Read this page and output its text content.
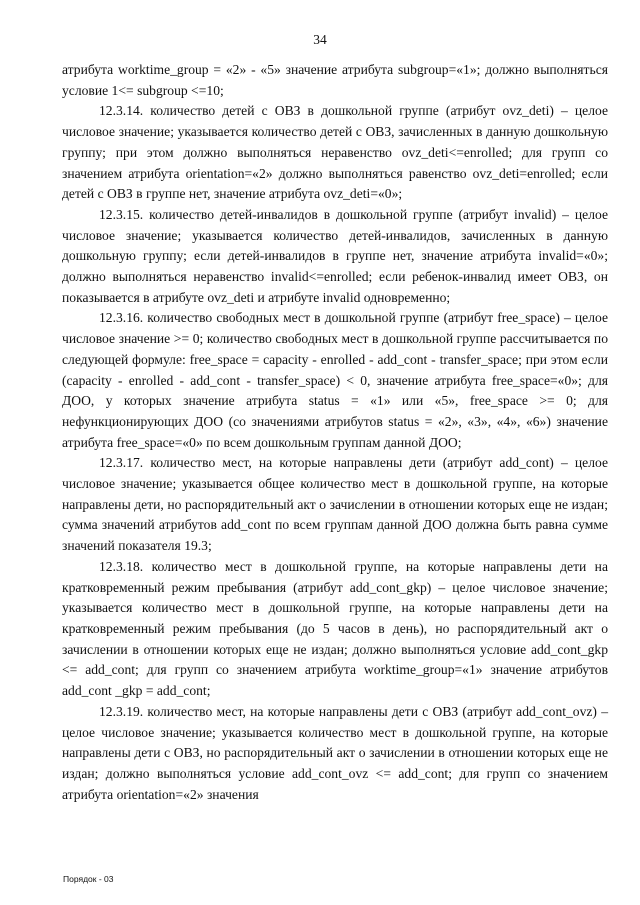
34

атрибута worktime_group = «2» - «5» значение атрибута subgroup=«1»; должно выполняться условие 1<= subgroup <=10;

12.3.14. количество детей с ОВЗ в дошкольной группе (атрибут ovz_deti) – целое числовое значение; указывается количество детей с ОВЗ, зачисленных в данную дошкольную группу; при этом должно выполняться неравенство ovz_deti<=enrolled; для групп со значением атрибута orientation=«2» должно выполняться равенство ovz_deti=enrolled; если детей с ОВЗ в группе нет, значение атрибута ovz_deti=«0»;

12.3.15. количество детей-инвалидов в дошкольной группе (атрибут invalid) – целое числовое значение; указывается количество детей-инвалидов, зачисленных в данную дошкольную группу; если детей-инвалидов в группе нет, значение атрибута invalid=«0»; должно выполняться неравенство invalid<=enrolled; если ребенок-инвалид имеет ОВЗ, он показывается в атрибуте ovz_deti и атрибуте invalid одновременно;

12.3.16. количество свободных мест в дошкольной группе (атрибут free_space) – целое числовое значение >= 0; количество свободных мест в дошкольной группе рассчитывается по следующей формуле: free_space = capacity - enrolled - add_cont - transfer_space; при этом если (capacity - enrolled - add_cont - transfer_space) < 0, значение атрибута free_space=«0»; для ДОО, у которых значение атрибута status = «1» или «5», free_space >= 0; для нефункционирующих ДОО (со значениями атрибутов status = «2», «3», «4», «6») значение атрибута free_space=«0» по всем дошкольным группам данной ДОО;

12.3.17. количество мест, на которые направлены дети (атрибут add_cont) – целое числовое значение; указывается общее количество мест в дошкольной группе, на которые направлены дети, но распорядительный акт о зачислении в отношении которых еще не издан; сумма значений атрибутов add_cont по всем группам данной ДОО должна быть равна сумме значений показателя 19.3;

12.3.18. количество мест в дошкольной группе, на которые направлены дети на кратковременный режим пребывания (атрибут add_cont_gkp) – целое числовое значение; указывается количество мест в дошкольной группе, на которые направлены дети на кратковременный режим пребывания (до 5 часов в день), но распорядительный акт о зачислении в отношении которых еще не издан; должно выполняться условие add_cont_gkp <= add_cont; для групп со значением атрибута worktime_group=«1» значение атрибутов add_cont _gkp = add_cont;

12.3.19. количество мест, на которые направлены дети с ОВЗ (атрибут add_cont_ovz) – целое числовое значение; указывается количество мест в дошкольной группе, на которые направлены дети с ОВЗ, но распорядительный акт о зачислении в отношении которых еще не издан; должно выполняться условие add_cont_ovz <= add_cont; для групп со значением атрибута orientation=«2» значения

Порядок - 03
